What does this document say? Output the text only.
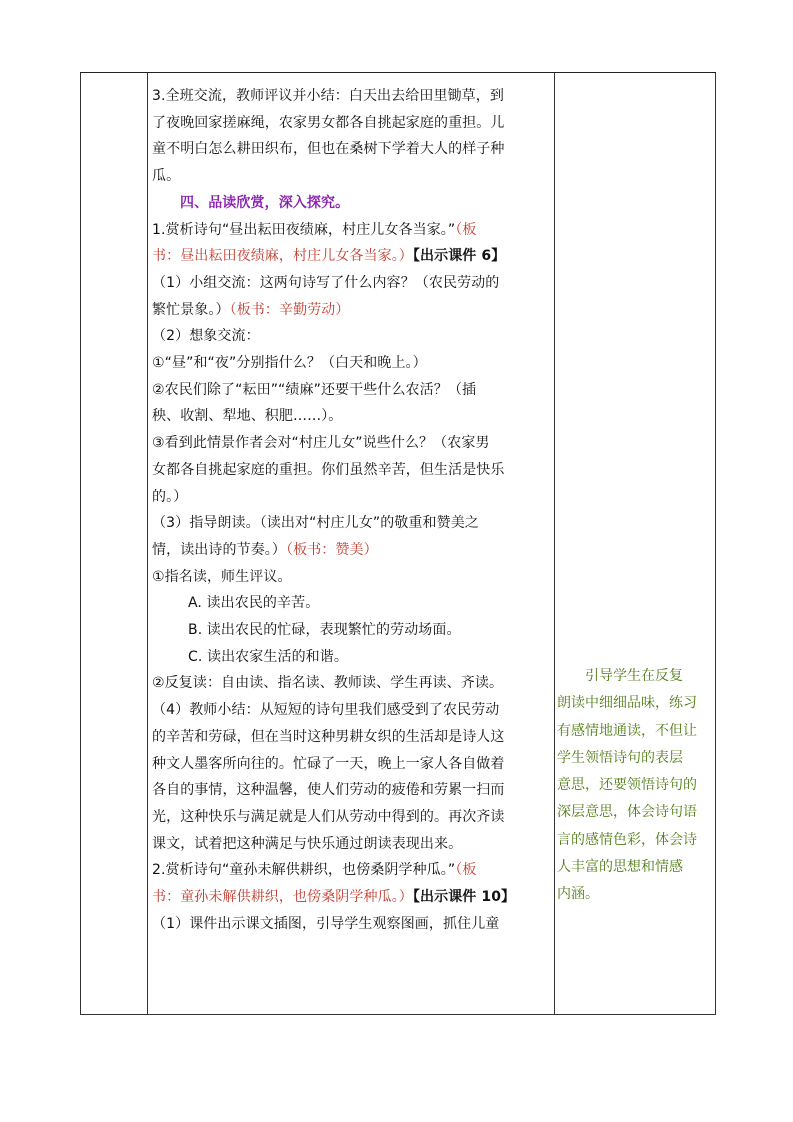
3.全班交流，教师评议并小结：白天出去给田里锄草，到

了夜晚回家搓麻绳，农家男女都各自挑起家庭的重担。儿

童不明白怎么耕田织布，但也在桑树下学着大人的样子种

瓜。

四、品读欣赏，深入探究。

1.赏析诗句“昼出耘田夜绩麻，村庄儿女各当家。”（板

书：昼出耘田夜绩麻，村庄儿女各当家。）【出示课件 6】

（1）小组交流：这两句诗写了什么内容？（农民劳动的

繁忙景象。）（板书：辛勤劳动）

（2）想象交流：

①“昼”和“夜”分别指什么？（白天和晚上。）

②农民们除了“耘田”“绩麻”还要干些什么农活？（插

秧、收割、犁地、积肥……）。

③看到此情景作者会对“村庄儿女”说些什么？（农家男

女都各自挑起家庭的重担。你们虽然辛苦，但生活是快乐

的。）

（3）指导朗读。（读出对“村庄儿女”的敬重和赞美之

情，读出诗的节奏。）（板书：赞美）

①指名读，师生评议。

A. 读出农民的辛苦。

B. 读出农民的忙碌，表现繁忙的劳动场面。

C. 读出农家生活的和谐。

②反复读：自由读、指名读、教师读、学生再读、齐读。

（4）教师小结：从短短的诗句里我们感受到了农民劳动

的辛苦和劳碌，但在当时这种男耕女织的生活却是诗人这

种文人墨客所向往的。忙碌了一天，晚上一家人各自做着

各自的事情，这种温馨，使人们劳动的疲倦和劳累一扫而

光，这种快乐与满足就是人们从劳动中得到的。再次齐读

课文，试着把这种满足与快乐通过朗读表现出来。

2.赏析诗句“童孙未解供耕织，也傍桑阴学种瓜。”（板

书：童孙未解供耕织，也傍桑阴学种瓜。）【出示课件 10】

（1）课件出示课文插图，引导学生观察图画，抓住儿童

　　引导学生在反复

朗读中细细品味，练习

有感情地通读，不但让

学生领悟诗句的表层

意思，还要领悟诗句的

深层意思，体会诗句语

言的感情色彩，体会诗

人丰富的思想和情感

内涵。
